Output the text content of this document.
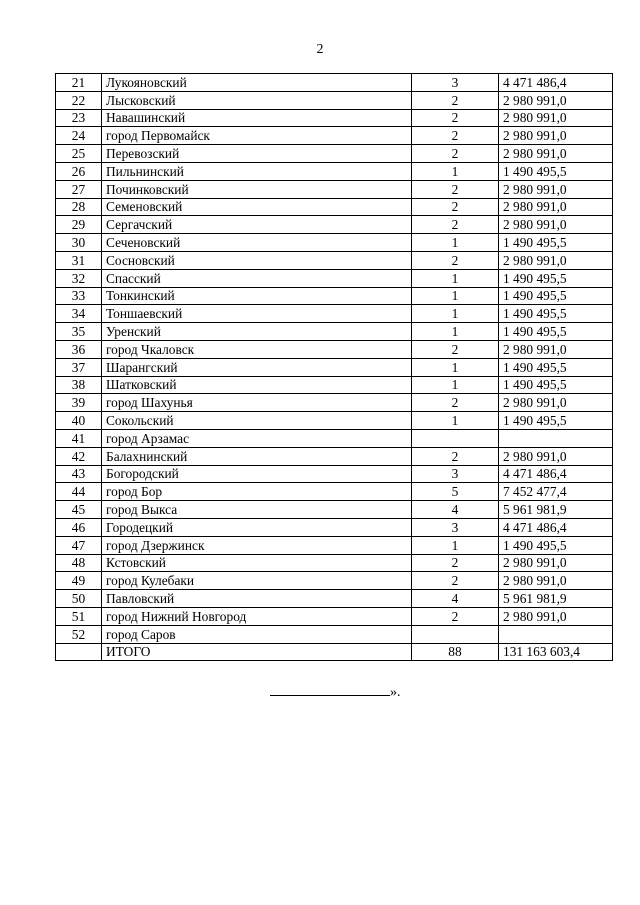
2
21	Лукояновский	3	4 471 486,4
22	Лысковский	2	2 980 991,0
23	Навашинский	2	2 980 991,0
24	город Первомайск	2	2 980 991,0
25	Перевозский	2	2 980 991,0
26	Пильнинский	1	1 490 495,5
27	Починковский	2	2 980 991,0
28	Семеновский	2	2 980 991,0
29	Сергачский	2	2 980 991,0
30	Сеченовский	1	1 490 495,5
31	Сосновский	2	2 980 991,0
32	Спасский	1	1 490 495,5
33	Тонкинский	1	1 490 495,5
34	Тоншаевский	1	1 490 495,5
35	Уренский	1	1 490 495,5
36	город Чкаловск	2	2 980 991,0
37	Шарангский	1	1 490 495,5
38	Шатковский	1	1 490 495,5
39	город Шахунья	2	2 980 991,0
40	Сокольский	1	1 490 495,5
41	город Арзамас		
42	Балахнинский	2	2 980 991,0
43	Богородский	3	4 471 486,4
44	город Бор	5	7 452 477,4
45	город Выкса	4	5 961 981,9
46	Городецкий	3	4 471 486,4
47	город Дзержинск	1	1 490 495,5
48	Кстовский	2	2 980 991,0
49	город Кулебаки	2	2 980 991,0
50	Павловский	4	5 961 981,9
51	город Нижний Новгород	2	2 980 991,0
52	город Саров		
	ИТОГО	88	131 163 603,4
».
